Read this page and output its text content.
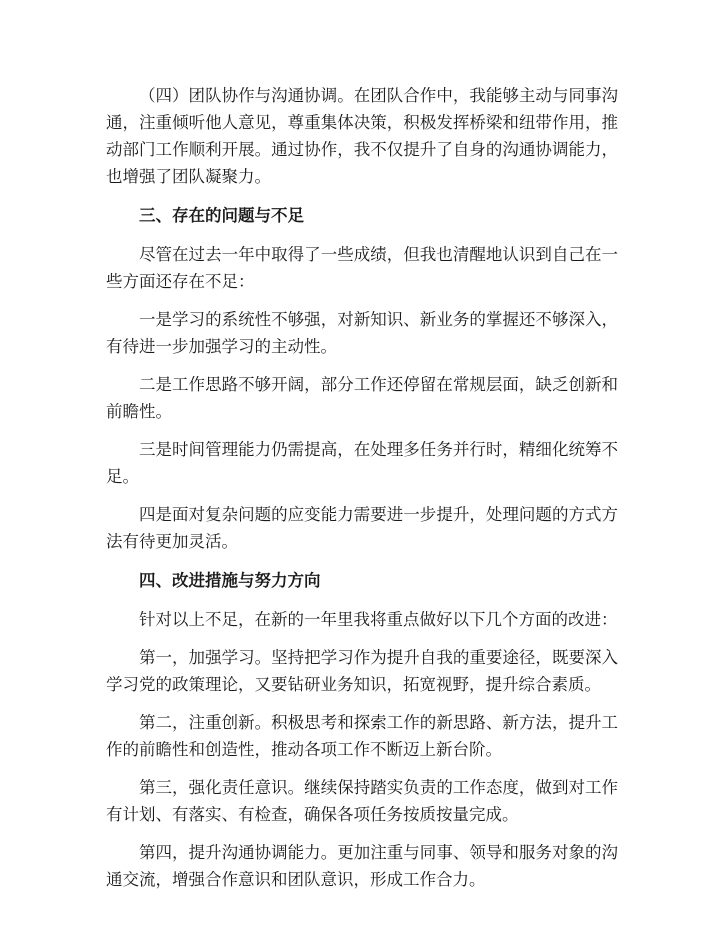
（四）团队协作与沟通协调。在团队合作中，我能够主动与同事沟通，注重倾听他人意见，尊重集体决策，积极发挥桥梁和纽带作用，推动部门工作顺利开展。通过协作，我不仅提升了自身的沟通协调能力，也增强了团队凝聚力。

三、存在的问题与不足

尽管在过去一年中取得了一些成绩，但我也清醒地认识到自己在一些方面还存在不足：

一是学习的系统性不够强，对新知识、新业务的掌握还不够深入，有待进一步加强学习的主动性。

二是工作思路不够开阔，部分工作还停留在常规层面，缺乏创新和前瞻性。

三是时间管理能力仍需提高，在处理多任务并行时，精细化统筹不足。

四是面对复杂问题的应变能力需要进一步提升，处理问题的方式方法有待更加灵活。

四、改进措施与努力方向

针对以上不足，在新的一年里我将重点做好以下几个方面的改进：

第一，加强学习。坚持把学习作为提升自我的重要途径，既要深入学习党的政策理论，又要钻研业务知识，拓宽视野，提升综合素质。

第二，注重创新。积极思考和探索工作的新思路、新方法，提升工作的前瞻性和创造性，推动各项工作不断迈上新台阶。

第三，强化责任意识。继续保持踏实负责的工作态度，做到对工作有计划、有落实、有检查，确保各项任务按质按量完成。

第四，提升沟通协调能力。更加注重与同事、领导和服务对象的沟通交流，增强合作意识和团队意识，形成工作合力。
